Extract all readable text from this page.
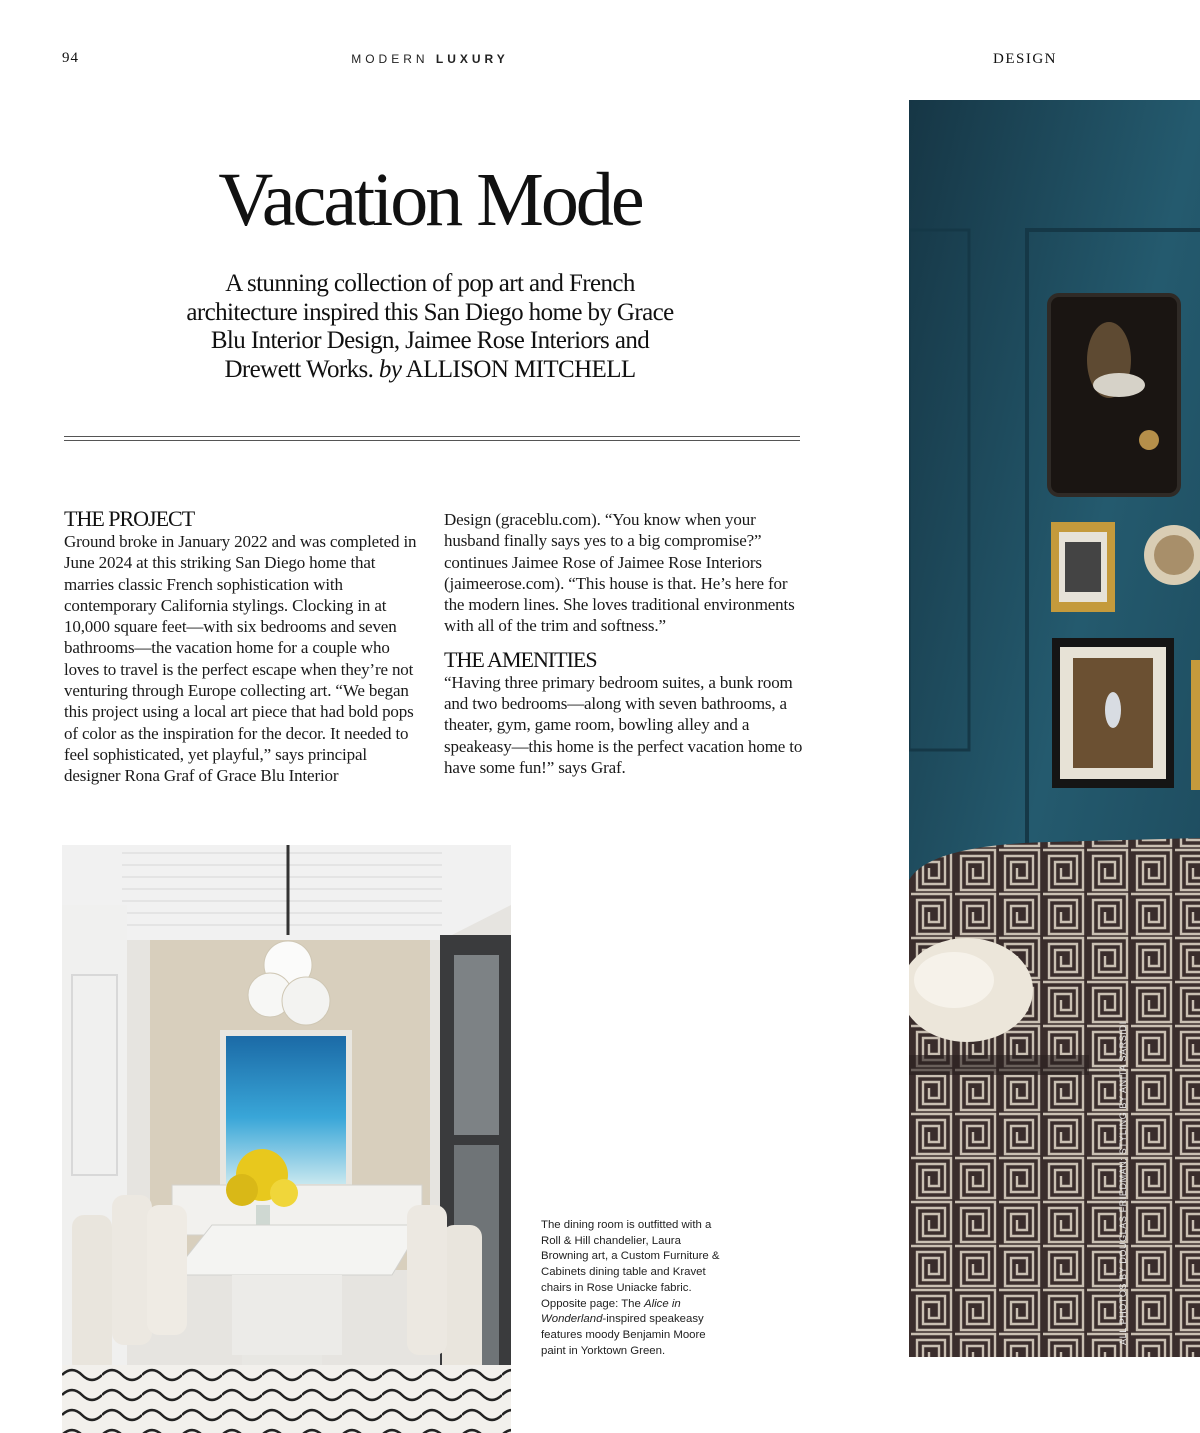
94	MODERN LUXURY	DESIGN
Vacation Mode
A stunning collection of pop art and French architecture inspired this San Diego home by Grace Blu Interior Design, Jaimee Rose Interiors and Drewett Works. by ALLISON MITCHELL
THE PROJECT
Ground broke in January 2022 and was completed in June 2024 at this striking San Diego home that marries classic French sophistication with contemporary California stylings. Clocking in at 10,000 square feet—with six bedrooms and seven bathrooms—the vacation home for a couple who loves to travel is the perfect escape when they’re not venturing through Europe collecting art. “We began this project using a local art piece that had bold pops of color as the inspiration for the decor. It needed to feel sophisticated, yet playful,” says principal designer Rona Graf of Grace Blu Interior
Design (graceblu.com). “You know when your husband finally says yes to a big compromise?” continues Jaimee Rose of Jaimee Rose Interiors (jaimeerose.com). “This house is that. He’s here for the modern lines. She loves traditional environments with all of the trim and softness.”
THE AMENITIES
“Having three primary bedroom suites, a bunk room and two bedrooms—along with seven bathrooms, a theater, gym, game room, bowling alley and a speakeasy—this home is the perfect vacation home to have some fun!” says Graf.
ALL PHOTOS BY DOUGLAS FRIEDMAN; STYLING BY ANITA SARSIDI
The dining room is outfitted with a Roll & Hill chandelier, Laura Browning art, a Custom Furniture & Cabinets dining table and Kravet chairs in Rose Uniacke fabric. Opposite page: The Alice in Wonderland-inspired speakeasy features moody Benjamin Moore paint in Yorktown Green.
